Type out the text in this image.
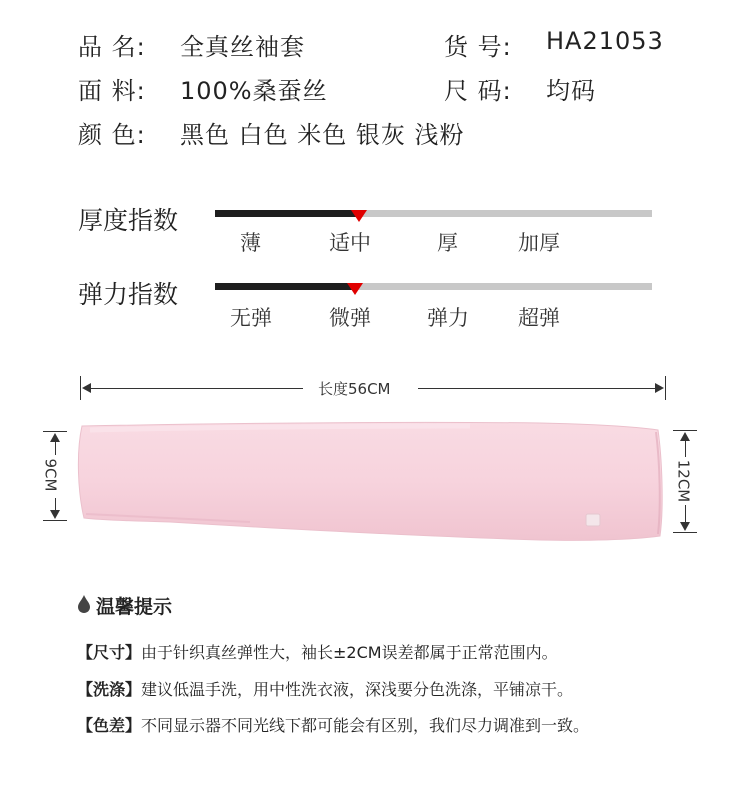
品 名: 全真丝袖套	货 号: HA21053
面 料: 100%桑蚕丝	尺 码: 均码
颜 色: 黑色 白色 米色 银灰 浅粉
厚度指数
薄	适中	厚	加厚
弹力指数
无弹	微弹	弹力 超弹
长度56CM
9CM	12CM
温馨提示
【尺寸】由于针织真丝弹性大，袖长±2CM误差都属于正常范围内。
【洗涤】建议低温手洗，用中性洗衣液，深浅要分色洗涤，平铺凉干。
【色差】不同显示器不同光线下都可能会有区别，我们尽力调准到一致。
